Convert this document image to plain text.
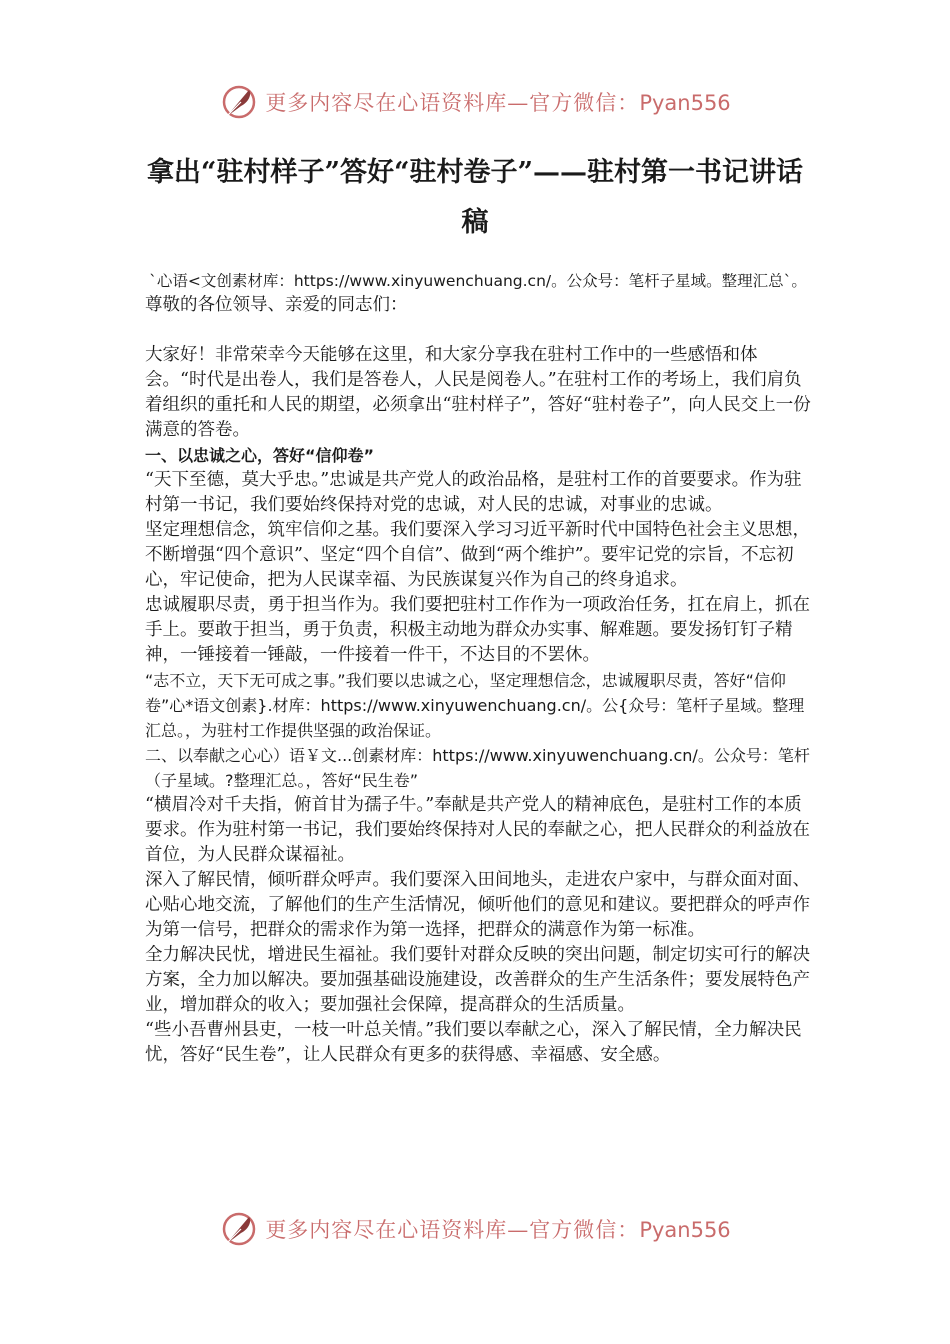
更多内容尽在心语资料库—官方微信：Pyan556
拿出“驻村样子”答好“驻村卷子”——驻村第一书记讲话稿

`心语<文创素材库：https://www.xinyuwenchuang.cn/。公众号：笔杆子星域。整理汇总`。

尊敬的各位领导、亲爱的同志们：

大家好！非常荣幸今天能够在这里，和大家分享我在驻村工作中的一些感悟和体会。“时代是出卷人，我们是答卷人，人民是阅卷人。”在驻村工作的考场上，我们肩负着组织的重托和人民的期望，必须拿出“驻村样子”，答好“驻村卷子”，向人民交上一份满意的答卷。

一、以忠诚之心，答好“信仰卷”

“天下至德，莫大乎忠。”忠诚是共产党人的政治品格，是驻村工作的首要要求。作为驻村第一书记，我们要始终保持对党的忠诚，对人民的忠诚，对事业的忠诚。

坚定理想信念，筑牢信仰之基。我们要深入学习习近平新时代中国特色社会主义思想，不断增强“四个意识”、坚定“四个自信”、做到“两个维护”。要牢记党的宗旨，不忘初心，牢记使命，把为人民谋幸福、为民族谋复兴作为自己的终身追求。

忠诚履职尽责，勇于担当作为。我们要把驻村工作作为一项政治任务，扛在肩上，抓在手上。要敢于担当，勇于负责，积极主动地为群众办实事、解难题。要发扬钉钉子精神，一锤接着一锤敲，一件接着一件干，不达目的不罢休。

“志不立，天下无可成之事。”我们要以忠诚之心，坚定理想信念，忠诚履职尽责，答好“信仰卷”心*语文创素}.材库：https://www.xinyuwenchuang.cn/。公{众号：笔杆子星域。整理汇总。，为驻村工作提供坚强的政治保证。

二、以奉献之心心）语￥文...创素材库：https://www.xinyuwenchuang.cn/。公众号：笔杆（子星域。?整理汇总。，答好“民生卷”

“横眉冷对千夫指，俯首甘为孺子牛。”奉献是共产党人的精神底色，是驻村工作的本质要求。作为驻村第一书记，我们要始终保持对人民的奉献之心，把人民群众的利益放在首位，为人民群众谋福祉。

深入了解民情，倾听群众呼声。我们要深入田间地头，走进农户家中，与群众面对面、心贴心地交流，了解他们的生产生活情况，倾听他们的意见和建议。要把群众的呼声作为第一信号，把群众的需求作为第一选择，把群众的满意作为第一标准。

全力解决民忧，增进民生福祉。我们要针对群众反映的突出问题，制定切实可行的解决方案，全力加以解决。要加强基础设施建设，改善群众的生产生活条件；要发展特色产业，增加群众的收入；要加强社会保障，提高群众的生活质量。

“些小吾曹州县吏，一枝一叶总关情。”我们要以奉献之心，深入了解民情，全力解决民忧，答好“民生卷”，让人民群众有更多的获得感、幸福感、安全感。

更多内容尽在心语资料库—官方微信：Pyan556
